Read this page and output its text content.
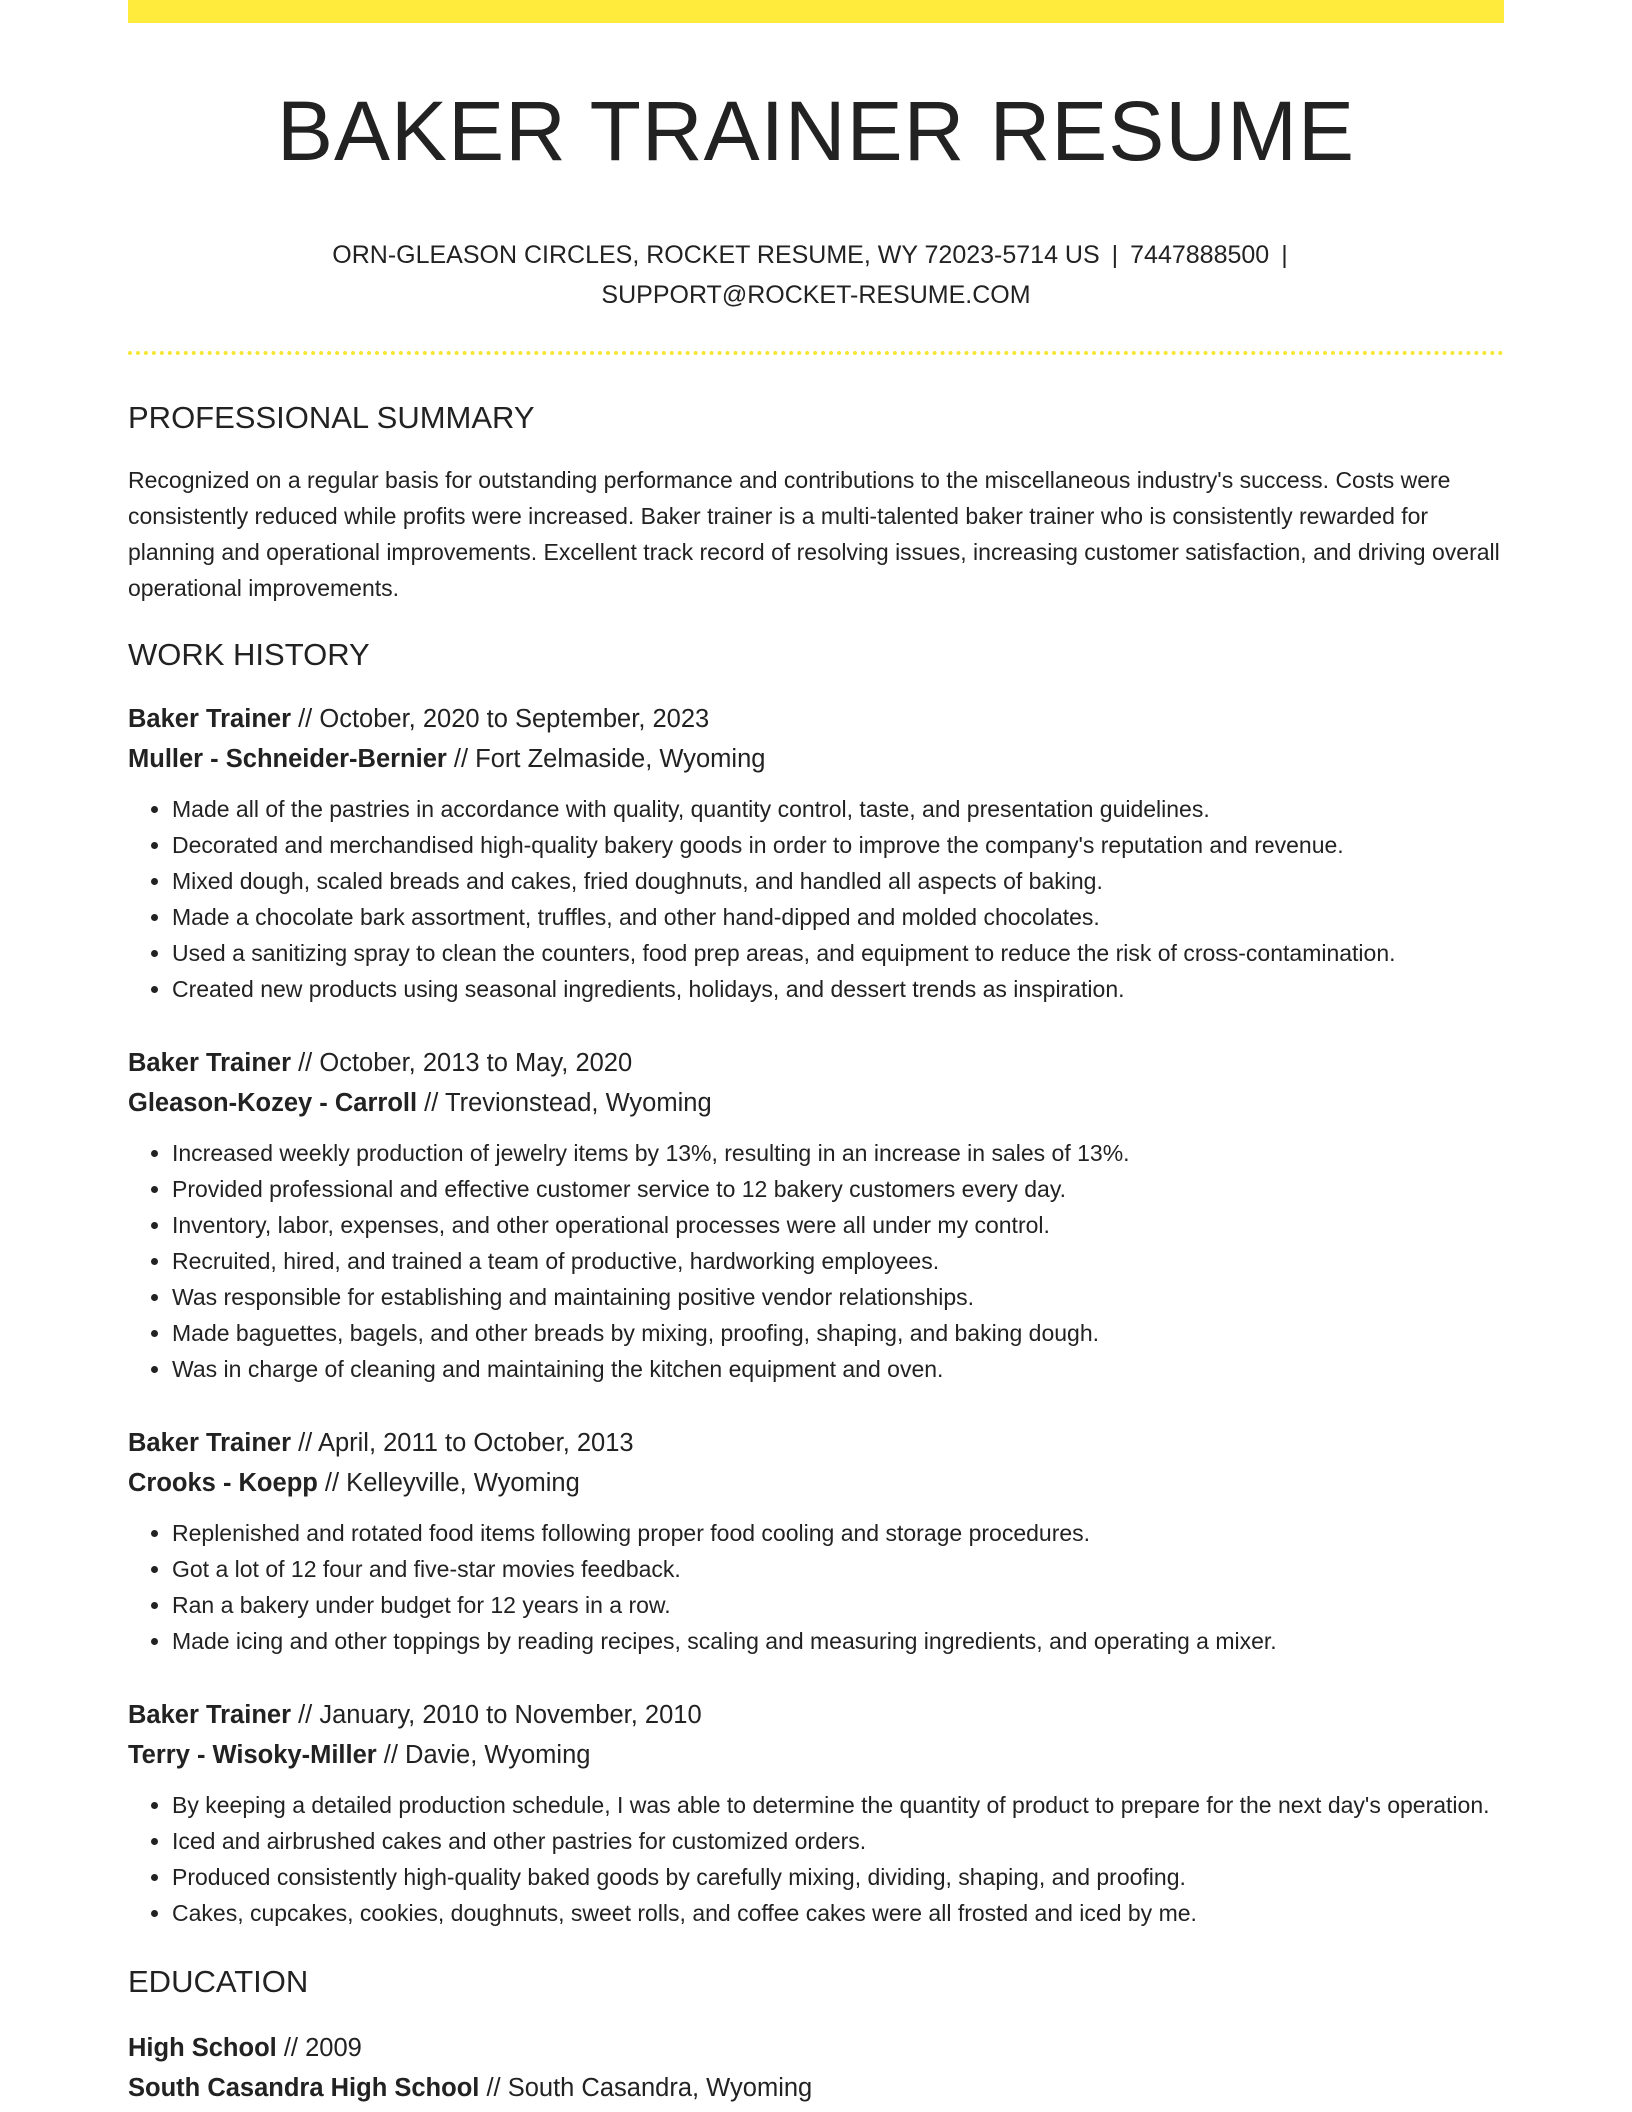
BAKER TRAINER RESUME
ORN-GLEASON CIRCLES, ROCKET RESUME, WY 72023-5714 US | 7447888500 |
SUPPORT@ROCKET-RESUME.COM
PROFESSIONAL SUMMARY

Recognized on a regular basis for outstanding performance and contributions to the miscellaneous industry's success. Costs were consistently reduced while profits were increased. Baker trainer is a multi-talented baker trainer who is consistently rewarded for planning and operational improvements. Excellent track record of resolving issues, increasing customer satisfaction, and driving overall operational improvements.

WORK HISTORY
Baker Trainer // October, 2020 to September, 2023
Muller - Schneider-Bernier // Fort Zelmaside, Wyoming
• Made all of the pastries in accordance with quality, quantity control, taste, and presentation guidelines.
• Decorated and merchandised high-quality bakery goods in order to improve the company's reputation and revenue.
• Mixed dough, scaled breads and cakes, fried doughnuts, and handled all aspects of baking.
• Made a chocolate bark assortment, truffles, and other hand-dipped and molded chocolates.
• Used a sanitizing spray to clean the counters, food prep areas, and equipment to reduce the risk of cross-contamination.
• Created new products using seasonal ingredients, holidays, and dessert trends as inspiration.
Baker Trainer // October, 2013 to May, 2020
Gleason-Kozey - Carroll // Trevionstead, Wyoming
• Increased weekly production of jewelry items by 13%, resulting in an increase in sales of 13%.
• Provided professional and effective customer service to 12 bakery customers every day.
• Inventory, labor, expenses, and other operational processes were all under my control.
• Recruited, hired, and trained a team of productive, hardworking employees.
• Was responsible for establishing and maintaining positive vendor relationships.
• Made baguettes, bagels, and other breads by mixing, proofing, shaping, and baking dough.
• Was in charge of cleaning and maintaining the kitchen equipment and oven.
Baker Trainer // April, 2011 to October, 2013
Crooks - Koepp // Kelleyville, Wyoming
• Replenished and rotated food items following proper food cooling and storage procedures.
• Got a lot of 12 four and five-star movies feedback.
• Ran a bakery under budget for 12 years in a row.
• Made icing and other toppings by reading recipes, scaling and measuring ingredients, and operating a mixer.
Baker Trainer // January, 2010 to November, 2010
Terry - Wisoky-Miller // Davie, Wyoming
• By keeping a detailed production schedule, I was able to determine the quantity of product to prepare for the next day's operation.
• Iced and airbrushed cakes and other pastries for customized orders.
• Produced consistently high-quality baked goods by carefully mixing, dividing, shaping, and proofing.
• Cakes, cupcakes, cookies, doughnuts, sweet rolls, and coffee cakes were all frosted and iced by me.
EDUCATION
High School // 2009
South Casandra High School // South Casandra, Wyoming
